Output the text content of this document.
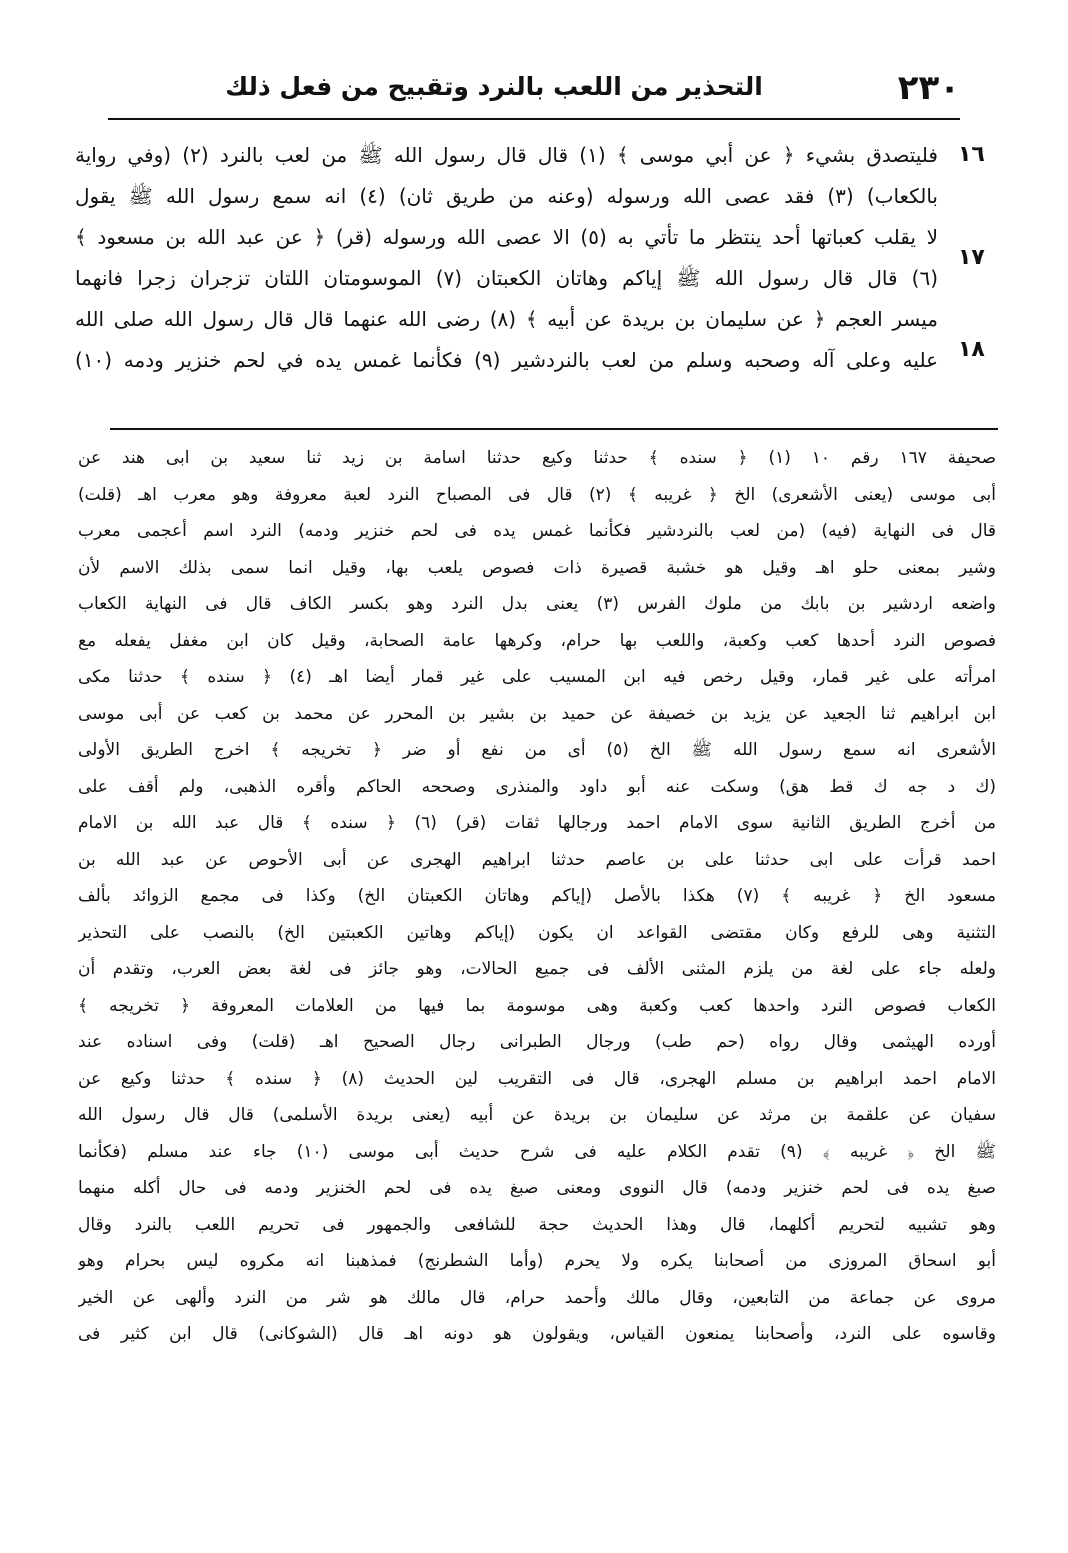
٢٣٠
التحذير من اللعب بالنرد وتقبيح من فعل ذلك
١٦
١٧
١٨
فليتصدق بشيء ﴿ عن أبي موسى ﴾ (١) قال قال رسول الله ﷺ من لعب بالنرد (٢) (وفي رواية
بالكعاب) (٣) فقد عصى الله ورسوله (وعنه من طريق ثان) (٤) انه سمع رسول الله ﷺ يقول
لا يقلب كعباتها أحد ينتظر ما تأتي به (٥) الا عصى الله ورسوله (قر) ﴿ عن عبد الله بن مسعود ﴾
(٦) قال قال رسول الله ﷺ إياكم وهاتان الكعبتان (٧) الموسومتان اللتان تزجران زجرا فانهما
ميسر العجم ﴿ عن سليمان بن بريدة عن أبيه ﴾ (٨) رضى الله عنهما قال قال رسول الله صلى الله
عليه وعلى آله وصحبه وسلم من لعب بالنردشير (٩) فكأنما غمس يده في لحم خنزير ودمه (١٠)
صحيفة ١٦٧ رقم ١٠ (١) ﴿ سنده ﴾ حدثنا وكيع حدثنا اسامة بن زيد ثنا سعيد بن ابى هند عن
أبى موسى (يعنى الأشعرى) الخ ﴿ غريبه ﴾ (٢) قال فى المصباح النرد لعبة معروفة وهو معرب اهـ (قلت)
قال فى النهاية (فيه) (من لعب بالنردشير فكأنما غمس يده فى لحم خنزير ودمه) النرد اسم أعجمى معرب
وشير بمعنى حلو اهـ وقيل هو خشبة قصيرة ذات فصوص يلعب بها، وقيل انما سمى بذلك الاسم لأن
واضعه اردشير بن بابك من ملوك الفرس (٣) يعنى بدل النرد وهو بكسر الكاف قال فى النهاية الكعاب
فصوص النرد أحدها كعب وكعبة، واللعب بها حرام، وكرهها عامة الصحابة، وقيل كان ابن مغفل يفعله مع
امرأته على غير قمار، وقيل رخص فيه ابن المسيب على غير قمار أيضا اهـ (٤) ﴿ سنده ﴾ حدثنا مكى
ابن ابراهيم ثنا الجعيد عن يزيد بن خصيفة عن حميد بن بشير بن المحرر عن محمد بن كعب عن أبى موسى
الأشعرى انه سمع رسول الله ﷺ الخ (٥) أى من نفع أو ضر ﴿ تخريجه ﴾ اخرج الطريق الأولى
(ك د جه ك قط هق) وسكت عنه أبو داود والمنذرى وصححه الحاكم وأقره الذهبى، ولم أقف على
من أخرج الطريق الثانية سوى الامام احمد ورجالها ثقات (قر) (٦) ﴿ سنده ﴾ قال عبد الله بن الامام
احمد قرأت على ابى حدثنا على بن عاصم حدثنا ابراهيم الهجرى عن أبى الأحوص عن عبد الله بن
مسعود الخ ﴿ غريبه ﴾ (٧) هكذا بالأصل (إياكم وهاتان الكعبتان الخ) وكذا فى مجمع الزوائد بألف
التثنية وهى للرفع وكان مقتضى القواعد ان يكون (إياكم وهاتين الكعبتين الخ) بالنصب على التحذير
ولعله جاء على لغة من يلزم المثنى الألف فى جميع الحالات، وهو جائز فى لغة بعض العرب، وتقدم أن
الكعاب فصوص النرد واحدها كعب وكعبة وهى موسومة بما فيها من العلامات المعروفة ﴿ تخريجه ﴾
أورده الهيثمى وقال رواه (حم طب) ورجال الطبرانى رجال الصحيح اهـ (قلت) وفى اسناده عند
الامام احمد ابراهيم بن مسلم الهجرى، قال فى التقريب لين الحديث (٨) ﴿ سنده ﴾ حدثنا وكيع عن
سفيان عن علقمة بن مرثد عن سليمان بن بريدة عن أبيه (يعنى بريدة الأسلمى) قال قال رسول الله
ﷺ الخ ﴿ غريبه ﴾ (٩) تقدم الكلام عليه فى شرح حديث أبى موسى (١٠) جاء عند مسلم (فكأنما
صبغ يده فى لحم خنزير ودمه) قال النووى ومعنى صبغ يده فى لحم الخنزير ودمه فى حال أكله منهما
وهو تشبيه لتحريم أكلهما، قال وهذا الحديث حجة للشافعى والجمهور فى تحريم اللعب بالنرد وقال
أبو اسحاق المروزى من أصحابنا يكره ولا يحرم (وأما الشطرنج) فمذهبنا انه مكروه ليس بحرام وهو
مروى عن جماعة من التابعين، وقال مالك وأحمد حرام، قال مالك هو شر من النرد وألهى عن الخير
وقاسوه على النرد، وأصحابنا يمنعون القياس، ويقولون هو دونه اهـ قال (الشوكانى) قال ابن كثير فى
